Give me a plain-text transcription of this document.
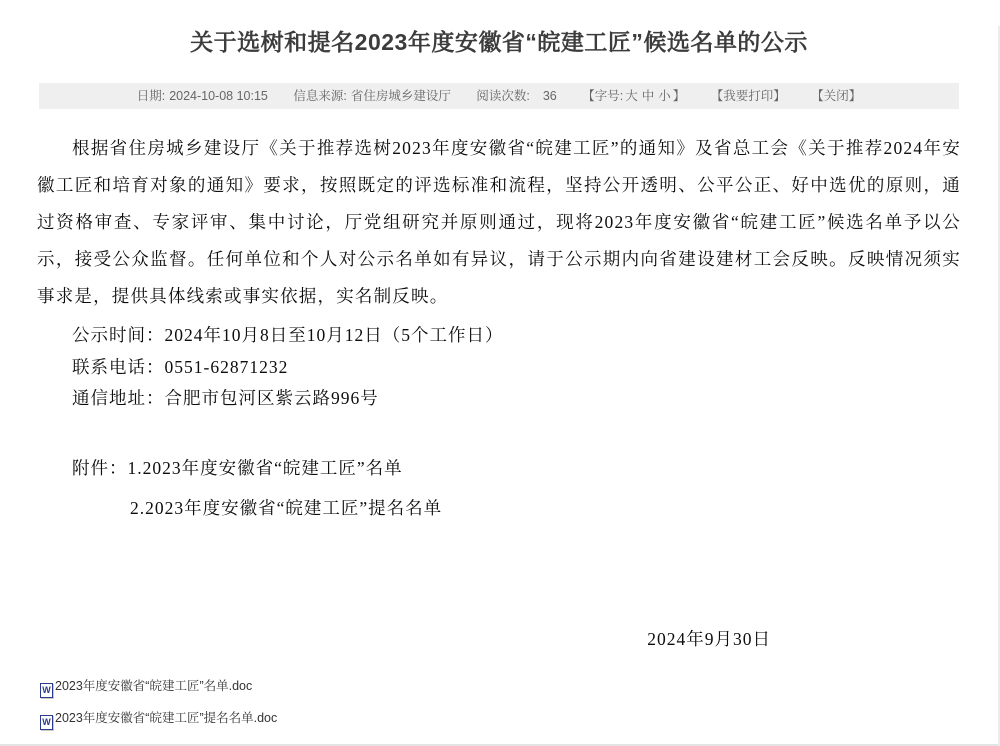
关于选树和提名2023年度安徽省“皖建工匠”候选名单的公示
日期: 2024-10-08 10:15 信息来源: 省住房城乡建设厅 阅读次数: 36 【字号: 大 中 小 】 【我要打印】 【关闭】

根据省住房城乡建设厅《关于推荐选树2023年度安徽省“皖建工匠”的通知》及省总工会《关于推荐2024年安徽工匠和培育对象的通知》要求，按照既定的评选标准和流程，坚持公开透明、公平公正、好中选优的原则，通过资格审查、专家评审、集中讨论，厅党组研究并原则通过，现将2023年度安徽省“皖建工匠”候选名单予以公示，接受公众监督。任何单位和个人对公示名单如有异议，请于公示期内向省建设建材工会反映。反映情况须实事求是，提供具体线索或事实依据，实名制反映。

公示时间：2024年10月8日至10月12日（5个工作日）

联系电话：0551-62871232

通信地址：合肥市包河区紫云路996号

附件：1.2023年度安徽省“皖建工匠”名单

2.2023年度安徽省“皖建工匠”提名名单

2024年9月30日

W 2023年度安徽省“皖建工匠”名单.doc
W 2023年度安徽省“皖建工匠”提名名单.doc
